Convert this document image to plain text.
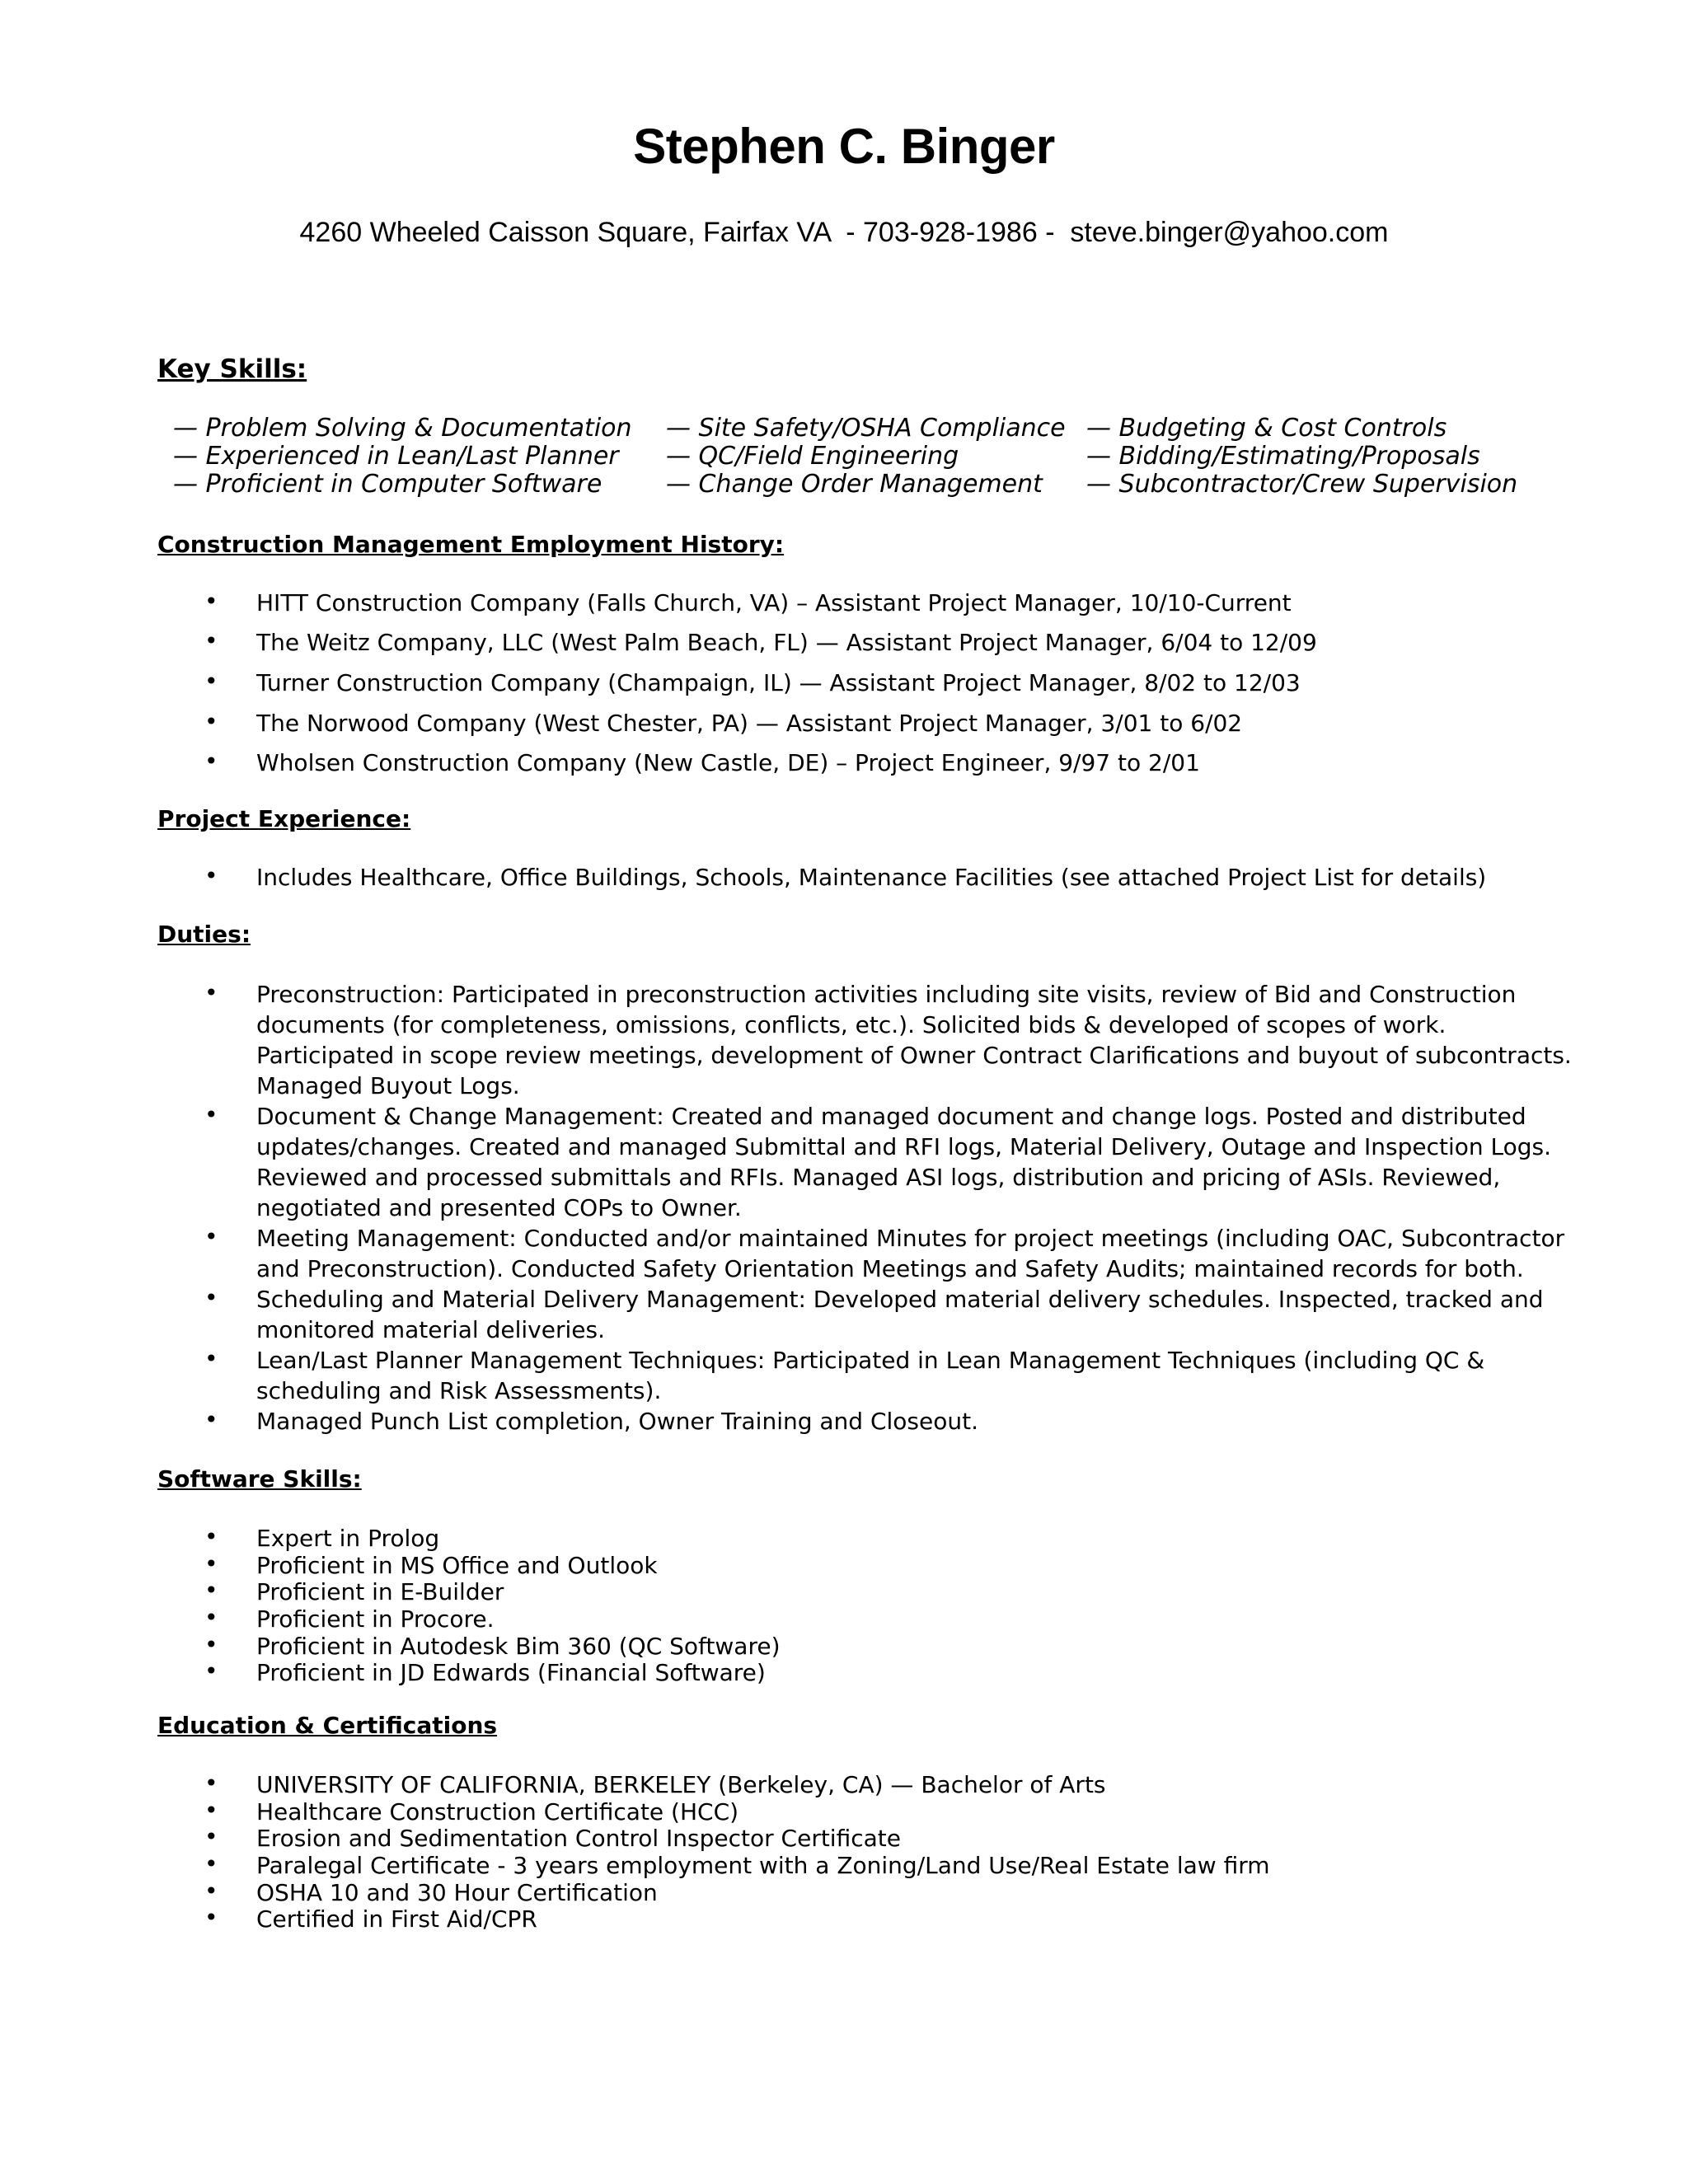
Stephen C. Binger
4260 Wheeled Caisson Square, Fairfax VA  - 703-928-1986 -  steve.binger@yahoo.com
Key Skills:
— Problem Solving & Documentation
— Experienced in Lean/Last Planner
— Proficient in Computer Software
— Site Safety/OSHA Compliance
— QC/Field Engineering
— Change Order Management
— Budgeting & Cost Controls
— Bidding/Estimating/Proposals
— Subcontractor/Crew Supervision
Construction Management Employment History:
• HITT Construction Company (Falls Church, VA) – Assistant Project Manager, 10/10-Current
• The Weitz Company, LLC (West Palm Beach, FL) — Assistant Project Manager, 6/04 to 12/09
• Turner Construction Company (Champaign, IL) — Assistant Project Manager, 8/02 to 12/03
• The Norwood Company (West Chester, PA) — Assistant Project Manager, 3/01 to 6/02
• Wholsen Construction Company (New Castle, DE) – Project Engineer, 9/97 to 2/01
Project Experience:
• Includes Healthcare, Office Buildings, Schools, Maintenance Facilities (see attached Project List for details)
Duties:
• Preconstruction: Participated in preconstruction activities including site visits, review of Bid and Construction
documents (for completeness, omissions, conflicts, etc.). Solicited bids & developed of scopes of work.
Participated in scope review meetings, development of Owner Contract Clarifications and buyout of subcontracts.
Managed Buyout Logs.
• Document & Change Management: Created and managed document and change logs. Posted and distributed
updates/changes. Created and managed Submittal and RFI logs, Material Delivery, Outage and Inspection Logs.
Reviewed and processed submittals and RFIs. Managed ASI logs, distribution and pricing of ASIs. Reviewed,
negotiated and presented COPs to Owner.
• Meeting Management: Conducted and/or maintained Minutes for project meetings (including OAC, Subcontractor
and Preconstruction). Conducted Safety Orientation Meetings and Safety Audits; maintained records for both.
• Scheduling and Material Delivery Management: Developed material delivery schedules. Inspected, tracked and
monitored material deliveries.
• Lean/Last Planner Management Techniques: Participated in Lean Management Techniques (including QC &
scheduling and Risk Assessments).
• Managed Punch List completion, Owner Training and Closeout.
Software Skills:
• Expert in Prolog
• Proficient in MS Office and Outlook
• Proficient in E-Builder
• Proficient in Procore.
• Proficient in Autodesk Bim 360 (QC Software)
• Proficient in JD Edwards (Financial Software)
Education & Certifications
• UNIVERSITY OF CALIFORNIA, BERKELEY (Berkeley, CA) — Bachelor of Arts
• Healthcare Construction Certificate (HCC)
• Erosion and Sedimentation Control Inspector Certificate
• Paralegal Certificate - 3 years employment with a Zoning/Land Use/Real Estate law firm
• OSHA 10 and 30 Hour Certification
• Certified in First Aid/CPR
